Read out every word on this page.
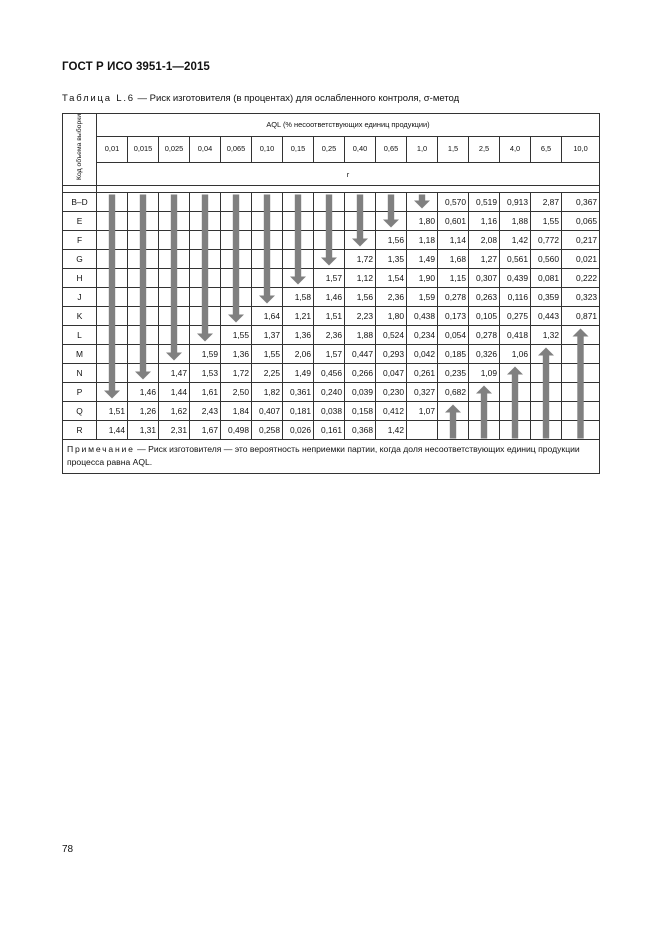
ГОСТ Р ИСО 3951-1—2015
Таблица L.6 — Риск изготовителя (в процентах) для ослабленного контроля, σ-метод
Код объема выборки	AQL (% несоответствующих единиц продукции)															
	0,01	0,015	0,025	0,04	0,065	0,10	0,15	0,25	0,40	0,65	1,0	1,5	2,5	4,0	6,5	10,0
	r															

B–D												0,570	0,519	0,913	2,87	0,367
E											1,80	0,601	1,16	1,88	1,55	0,065
F										1,56	1,18	1,14	2,08	1,42	0,772	0,217
G									1,72	1,35	1,49	1,68	1,27	0,561	0,560	0,021
H								1,57	1,12	1,54	1,90	1,15	0,307	0,439	0,081	0,222
J							1,58	1,46	1,56	2,36	1,59	0,278	0,263	0,116	0,359	0,323
K						1,64	1,21	1,51	2,23	1,80	0,438	0,173	0,105	0,275	0,443	0,871
L					1,55	1,37	1,36	2,36	1,88	0,524	0,234	0,054	0,278	0,418	1,32	
M				1,59	1,36	1,55	2,06	1,57	0,447	0,293	0,042	0,185	0,326	1,06		
N			1,47	1,53	1,72	2,25	1,49	0,456	0,266	0,047	0,261	0,235	1,09			
P		1,46	1,44	1,61	2,50	1,82	0,361	0,240	0,039	0,230	0,327	0,682				
Q	1,51	1,26	1,62	2,43	1,84	0,407	0,181	0,038	0,158	0,412	1,07					
R	1,44	1,31	2,31	1,67	0,498	0,258	0,026	0,161	0,368	1,42						
Примечание — Риск изготовителя — это вероятность неприемки партии, когда доля несоответствующих единиц продукции процесса равна AQL.																
78
